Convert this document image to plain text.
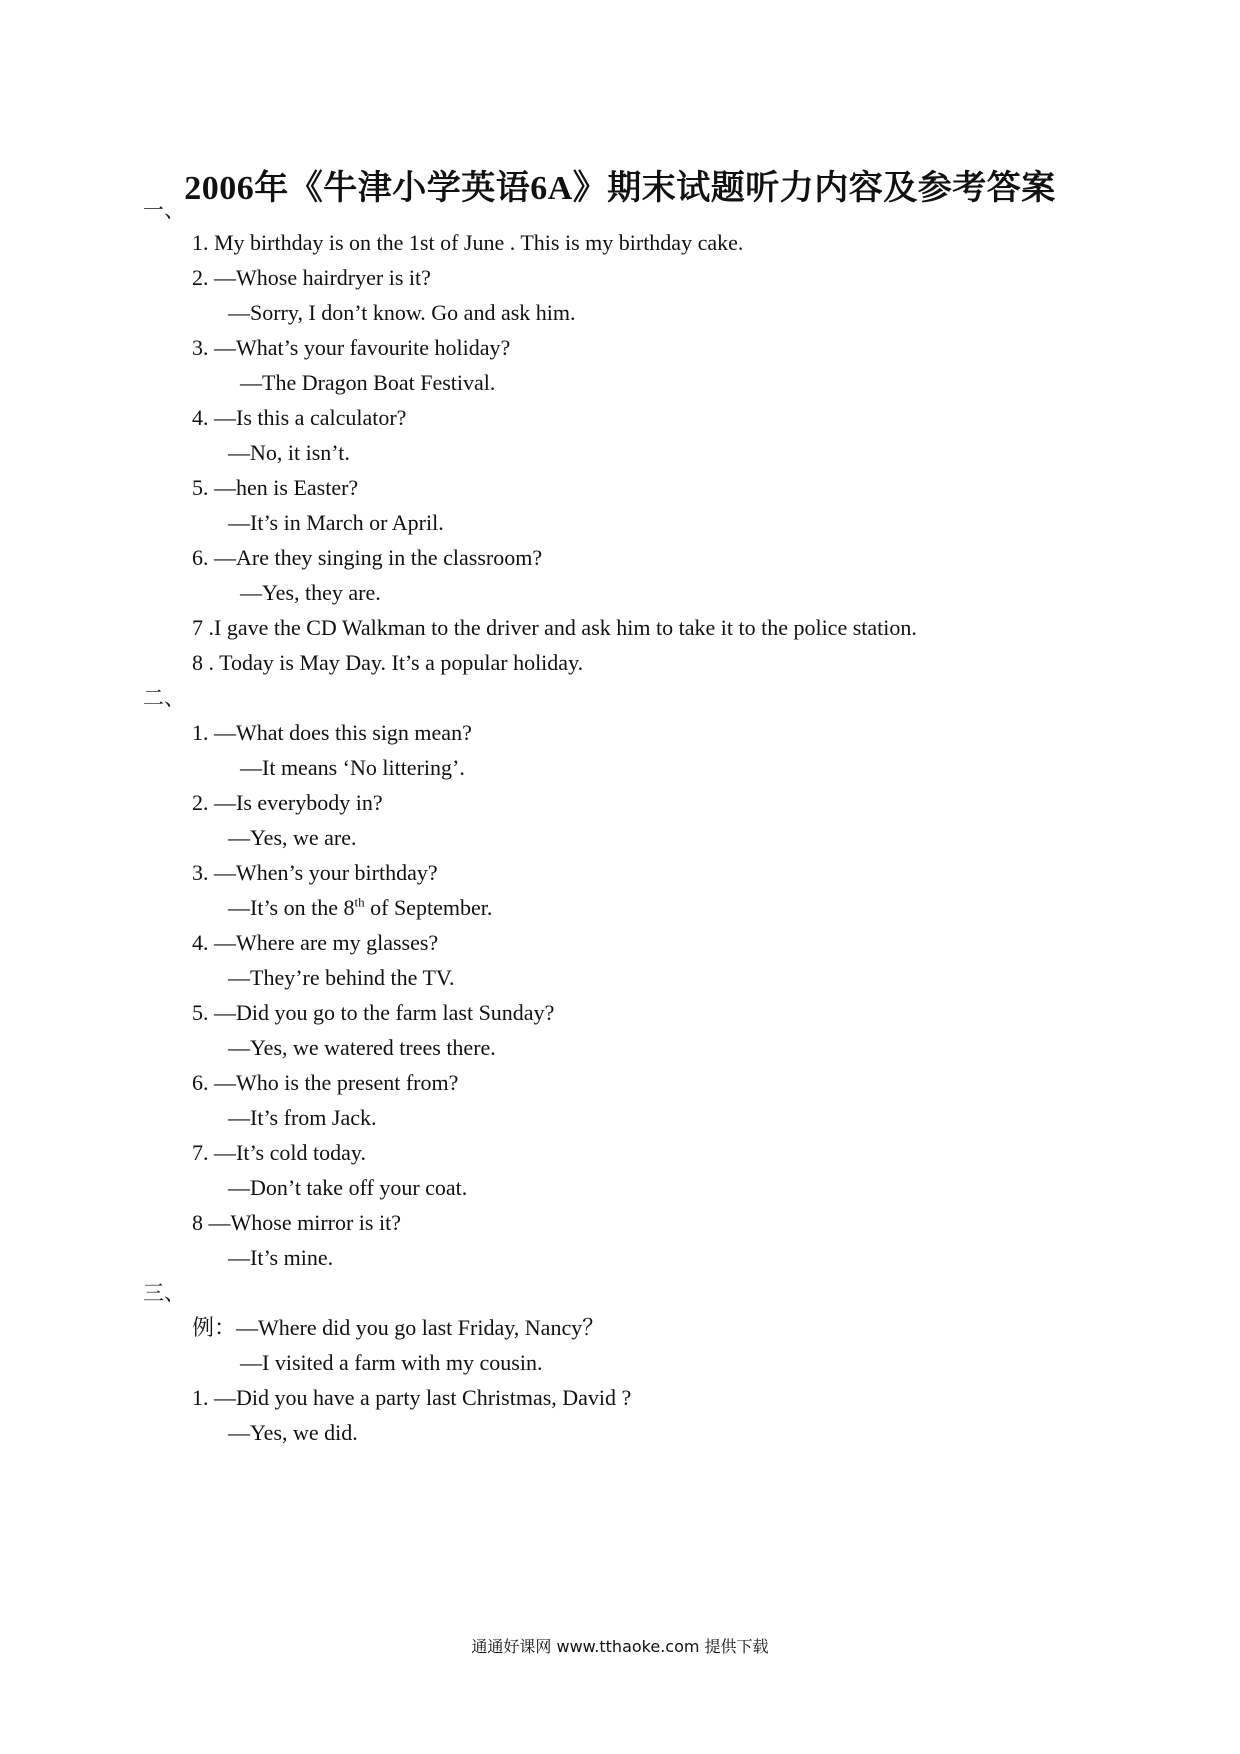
2006年《牛津小学英语6A》期末试题听力内容及参考答案
一、
1. My birthday is on the 1st of June . This is my birthday cake.
2. —Whose hairdryer is it?
—Sorry, I don’t know. Go and ask him.
3. —What’s your favourite holiday?
—The Dragon Boat Festival.
4. —Is this a calculator?
—No, it isn’t.
5. —hen is Easter?
—It’s in March or April.
6. —Are they singing in the classroom?
—Yes, they are.
7 .I gave the CD Walkman to the driver and ask him to take it to the police station.
8 . Today is May Day. It’s a popular holiday.
二、
1. —What does this sign mean?
—It means ‘No littering’.
2. —Is everybody in?
—Yes, we are.
3. —When’s your birthday?
—It’s on the 8th of September.
4. —Where are my glasses?
—They’re behind the TV.
5. —Did you go to the farm last Sunday?
—Yes, we watered trees there.
6. —Who is the present from?
—It’s from Jack.
7. —It’s cold today.
—Don’t take off your coat.
8 —Whose mirror is it?
—It’s mine.
三、
例：—Where did you go last Friday, Nancy？
—I visited a farm with my cousin.
1. —Did you have a party last Christmas, David ?
—Yes, we did.
通通好课网 www.tthaoke.com 提供下载
